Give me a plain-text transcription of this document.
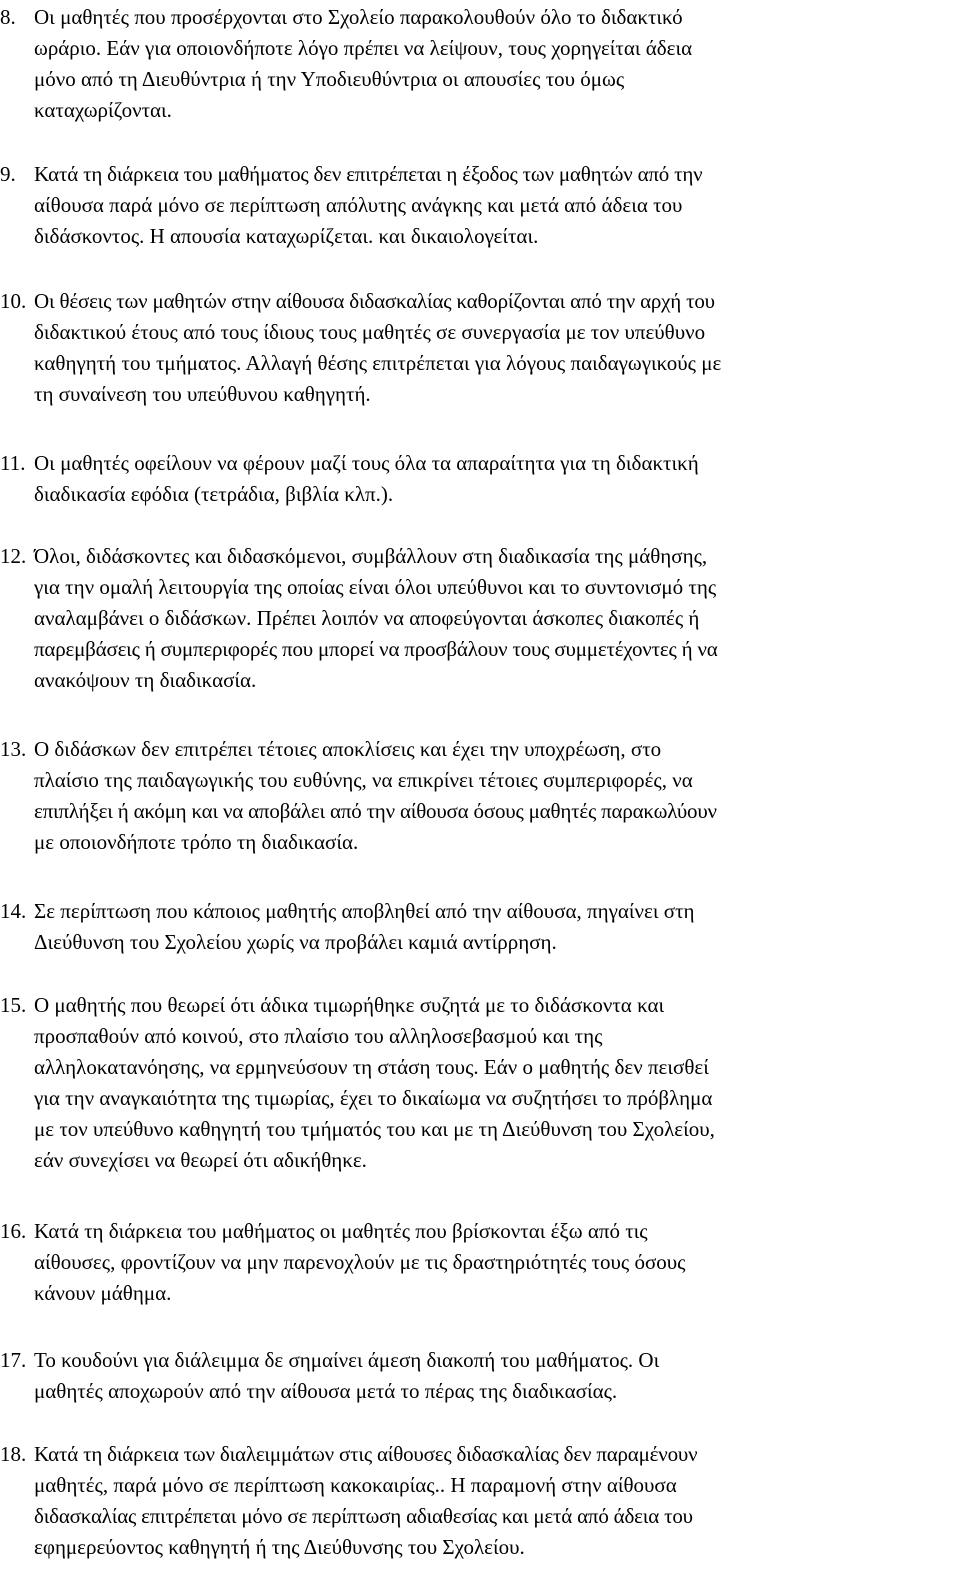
8. Οι μαθητές που προσέρχονται στο Σχολείο παρακολουθούν όλο το διδακτικό
ωράριο. Εάν για οποιονδήποτε λόγο πρέπει να λείψουν, τους χορηγείται άδεια
μόνο από τη Διευθύντρια ή την Υποδιευθύντρια οι απουσίες του όμως
καταχωρίζονται.
9. Κατά τη διάρκεια του μαθήματος δεν επιτρέπεται η έξοδος των μαθητών από την
αίθουσα παρά μόνο σε περίπτωση απόλυτης ανάγκης και μετά από άδεια του
διδάσκοντος. Η απουσία καταχωρίζεται. και δικαιολογείται.
10. Οι θέσεις των μαθητών στην αίθουσα διδασκαλίας καθορίζονται από την αρχή του
διδακτικού έτους από τους ίδιους τους μαθητές σε συνεργασία με τον υπεύθυνο
καθηγητή του τμήματος. Αλλαγή θέσης επιτρέπεται για λόγους παιδαγωγικούς με
τη συναίνεση του υπεύθυνου καθηγητή.
11. Οι μαθητές οφείλουν να φέρουν μαζί τους όλα τα απαραίτητα για τη διδακτική
διαδικασία εφόδια (τετράδια, βιβλία κλπ.).
12. Όλοι, διδάσκοντες και διδασκόμενοι, συμβάλλουν στη διαδικασία της μάθησης,
για την ομαλή λειτουργία της οποίας είναι όλοι υπεύθυνοι και το συντονισμό της
αναλαμβάνει ο διδάσκων. Πρέπει λοιπόν να αποφεύγονται άσκοπες διακοπές ή
παρεμβάσεις ή συμπεριφορές που μπορεί να προσβάλουν τους συμμετέχοντες ή να
ανακόψουν τη διαδικασία.
13. Ο διδάσκων δεν επιτρέπει τέτοιες αποκλίσεις και έχει την υποχρέωση, στο
πλαίσιο της παιδαγωγικής του ευθύνης, να επικρίνει τέτοιες συμπεριφορές, να
επιπλήξει ή ακόμη και να αποβάλει από την αίθουσα όσους μαθητές παρακωλύουν
με οποιονδήποτε τρόπο τη διαδικασία.
14. Σε περίπτωση που κάποιος μαθητής αποβληθεί από την αίθουσα, πηγαίνει στη
Διεύθυνση του Σχολείου χωρίς να προβάλει καμιά αντίρρηση.
15. Ο μαθητής που θεωρεί ότι άδικα τιμωρήθηκε συζητά με το διδάσκοντα και
προσπαθούν από κοινού, στο πλαίσιο του αλληλοσεβασμού και της
αλληλοκατανόησης, να ερμηνεύσουν τη στάση τους. Εάν ο μαθητής δεν πεισθεί
για την αναγκαιότητα της τιμωρίας, έχει το δικαίωμα να συζητήσει το πρόβλημα
με τον υπεύθυνο καθηγητή του τμήματός του και με τη Διεύθυνση του Σχολείου,
εάν συνεχίσει να θεωρεί ότι αδικήθηκε.
16. Κατά τη διάρκεια του μαθήματος οι μαθητές που βρίσκονται έξω από τις
αίθουσες, φροντίζουν να μην παρενοχλούν με τις δραστηριότητές τους όσους
κάνουν μάθημα.
17. Το κουδούνι για διάλειμμα δε σημαίνει άμεση διακοπή του μαθήματος. Οι
μαθητές αποχωρούν από την αίθουσα μετά το πέρας της διαδικασίας.
18. Κατά τη διάρκεια των διαλειμμάτων στις αίθουσες διδασκαλίας δεν παραμένουν
μαθητές, παρά μόνο σε περίπτωση κακοκαιρίας.. Η παραμονή στην αίθουσα
διδασκαλίας επιτρέπεται μόνο σε περίπτωση αδιαθεσίας και μετά από άδεια του
εφημερεύοντος καθηγητή ή της Διεύθυνσης του Σχολείου.
